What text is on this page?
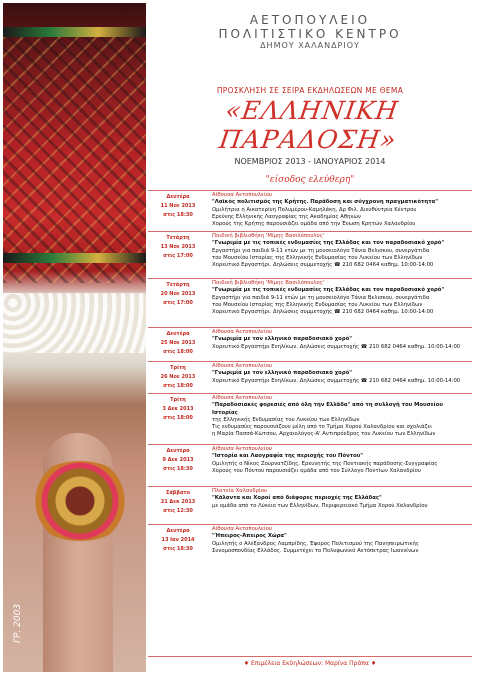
ΓΡ. 2003
ΑΕΤΟΠΟΥΛΕΙΟ
ΠΟΛΙΤΙΣΤΙΚΟ ΚΕΝΤΡΟ
ΔΗΜΟΥ ΧΑΛΑΝΔΡΙΟΥ
ΠΡΟΣΚΛΗΣΗ ΣΕ ΣΕΙΡΑ ΕΚΔΗΛΩΣΕΩΝ ΜΕ ΘΕΜΑ
«ΕΛΛΗΝΙΚΗ ΠΑΡΑΔΟΣΗ»
ΝΟΕΜΒΡΙΟΣ 2013 - ΙΑΝΟΥΑΡΙΟΣ 2014
"είσοδος ελεύθερη"
Δευτέρα
11 Νοε 2013
στις 18:30
Αίθουσα Αετοπουλείου
"Λαϊκός πολιτισμός της Κρήτης. Παράδοση και σύγχρονη πραγματικότητα"
Ομιλήτρια η Αικατερίνη Πολυμέρου-Καμηλάκη, Δρ Φιλ. Διευθύντρια Κέντρου
Ερεύνης Ελληνικής Λαογραφίας της Ακαδημίας Αθηνών
Χορούς της Κρήτης παρουσιάζει ομάδα από την Ένωση Κρητών Χαλανδρίου
Τετάρτη
13 Νοε 2013
στις 17:00
Παιδική βιβλιοθήκη 'Μίμης Βασιλόπουλος'
"Γνωριμία με τις τοπικές ενδυμασίες της Ελλάδας και τον παραδοσιακό χορό"
Εργαστήρι για παιδιά 9-11 ετών με τη μουσειολόγο Τάνια Βελισκου, συνεργάτιδα
του Μουσείου Ιστορίας της Ελληνικής Ενδυμασίας του Λυκείου των Ελληνίδων
Χορευτικό Εργαστήρι. Δηλώσεις συμμετοχής ☎ 210 682 0464 καθημ. 10:00-14:00
Τετάρτη
20 Νοε 2013
στις 17:00
Παιδική βιβλιοθήκη 'Μίμης Βασιλόπουλος'
"Γνωριμία με τις τοπικές ενδυμασίες της Ελλάδας και τον παραδοσιακό χορό"
Εργαστήρι για παιδιά 9-11 ετών με τη μουσειολόγο Τάνια Βελισκου, συνεργάτιδα
του Μουσείου Ιστορίας της Ελληνικής Ενδυμασίας του Λυκείου των Ελληνίδων
Χορευτικό Εργαστήρι. Δηλώσεις συμμετοχής ☎ 210 682 0464 καθημ. 10:00-14:00
Δευτέρα
25 Νοε 2013
στις 18:00
Αίθουσα Αετοπουλείου
"Γνωριμία με τον ελληνικό παραδοσιακό χορό"
Χορευτικό Εργαστήρι Ενηλίκων. Δηλώσεις συμμετοχής ☎ 210 682 0464 καθημ. 10:00-14:00
Τρίτη
26 Νοε 2013
στις 18:00
Αίθουσα Αετοπουλείου
"Γνωριμία με τον ελληνικό παραδοσιακό χορό"
Χορευτικό Εργαστήρι Ενηλίκων. Δηλώσεις συμμετοχής ☎ 210 682 0464 καθημ. 10:00-14:00
Τρίτη
3 Δεκ 2013
στις 18:00
Αίθουσα Αετοπουλείου
"Παραδοσιακές φορεσιές από όλη την Ελλάδα" από τη συλλογή του Μουσείου Ιστορίας
της Ελληνικής Ενδυμασίας του Λυκείου των Ελληνίδων
Τις ενδυμασίες παρουσιάζουν μέλη από το Τμήμα Χορού Χαλανδρίου και σχολιάζει
η Μαρία Πασσά-Κώτσου, Αρχαιολόγος-Α' Αντιπρόεδρος του Λυκείου των Ελληνίδων
Δευτέρα
9 Δεκ 2013
στις 18:30
Αίθουσα Αετοπουλείου
"Ιστορία και Λαογραφία της περιοχής του Πόντου"
Ομιλητής ο Νίκος Ζουρνατζίδης, Ερευνητής της Ποντιακής παράδοσης-Συγγραφέας
Χορούς του Πόντου παρουσιάζει ομάδα από τον Σύλλογο Ποντίων Χαλανδρίου
Σάββατο
21 Δεκ 2013
στις 12:30
Πλατεία Χαλανδρίου
"Κάλαντα και Χοροί από διάφορες περιοχές της Ελλάδας"
με ομάδα από το Λύκειο των Ελληνίδων, Περιφερειακό Τμήμα Χορού Χαλανδρίου
Δευτέρα
13 Ιαν 2014
στις 18:30
Αίθουσα Αετοπουλείου
"Ήπειρος-Άπειρος Χώρα"
Ομιλητής ο Αλέξανδρος Λαμπρίδης, Έφορος Πολιτισμού της Πανηπειρωτικής
Συνομοσπονδίας Ελλάδος. Συμμετέχει το Πολυφωνικό Αετόπετρας Ιωαννίνων
♦ Επιμέλεια Εκδηλώσεων: Μαρίνα Πράπα ♦
